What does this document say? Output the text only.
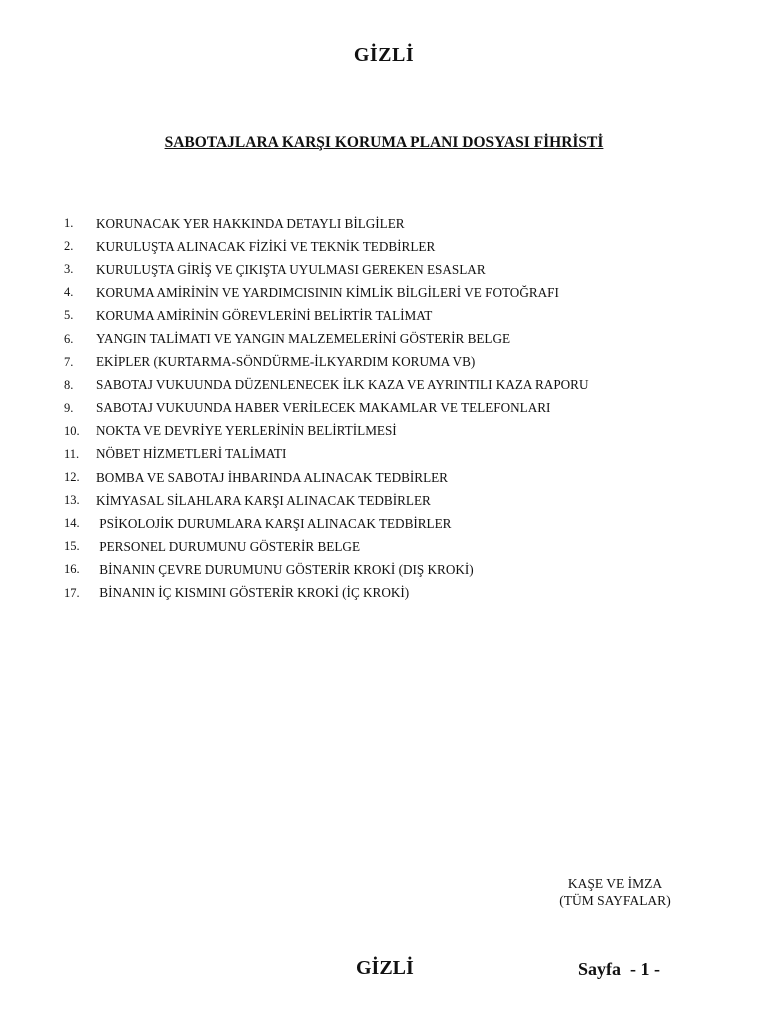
GİZLİ
SABOTAJLARA KARŞI KORUMA PLANI DOSYASI FİHRİSTİ
1.	KORUNACAK YER HAKKINDA DETAYLI BİLGİLER
2.	KURULUŞTA ALINACAK FİZİKİ VE TEKNİK TEDBİRLER
3.	KURULUŞTA GİRİŞ VE ÇIKIŞTA UYULMASI GEREKEN ESASLAR
4.	KORUMA AMİRİNİN VE YARDIMCISININ KİMLİK BİLGİLERİ VE FOTOĞRAFI
5.	KORUMA AMİRİNİN GÖREVLERİNİ BELİRTİR TALİMAT
6.	YANGIN TALİMATI VE YANGIN MALZEMELERİNİ GÖSTERİR BELGE
7.	EKİPLER (KURTARMA-SÖNDÜRME-İLKYARDIM KORUMA VB)
8.	SABOTAJ VUKUUNDA DÜZENLENECEK İLK KAZA VE AYRINTILI KAZA RAPORU
9.	SABOTAJ VUKUUNDA HABER VERİLECEK MAKAMLAR VE TELEFONLARI
10.	NOKTA VE DEVRİYE YERLERİNİN BELİRTİLMESİ
11.	NÖBET HİZMETLERİ TALİMATI
12.	BOMBA VE SABOTAJ İHBARINDA ALINACAK TEDBİRLER
13.	KİMYASAL SİLAHLARA KARŞI ALINACAK TEDBİRLER
14.	PSİKOLOJİK DURUMLARA KARŞI ALINACAK TEDBİRLER
15.	PERSONEL DURUMUNU GÖSTERİR BELGE
16.	BİNANIN ÇEVRE DURUMUNU GÖSTERİR KROKİ (DIŞ KROKİ)
17.	BİNANIN İÇ KISMINI GÖSTERİR KROKİ (İÇ KROKİ)
KAŞE VE İMZA
(TÜM SAYFALAR)
GİZLİ	Sayfa  - 1 -
